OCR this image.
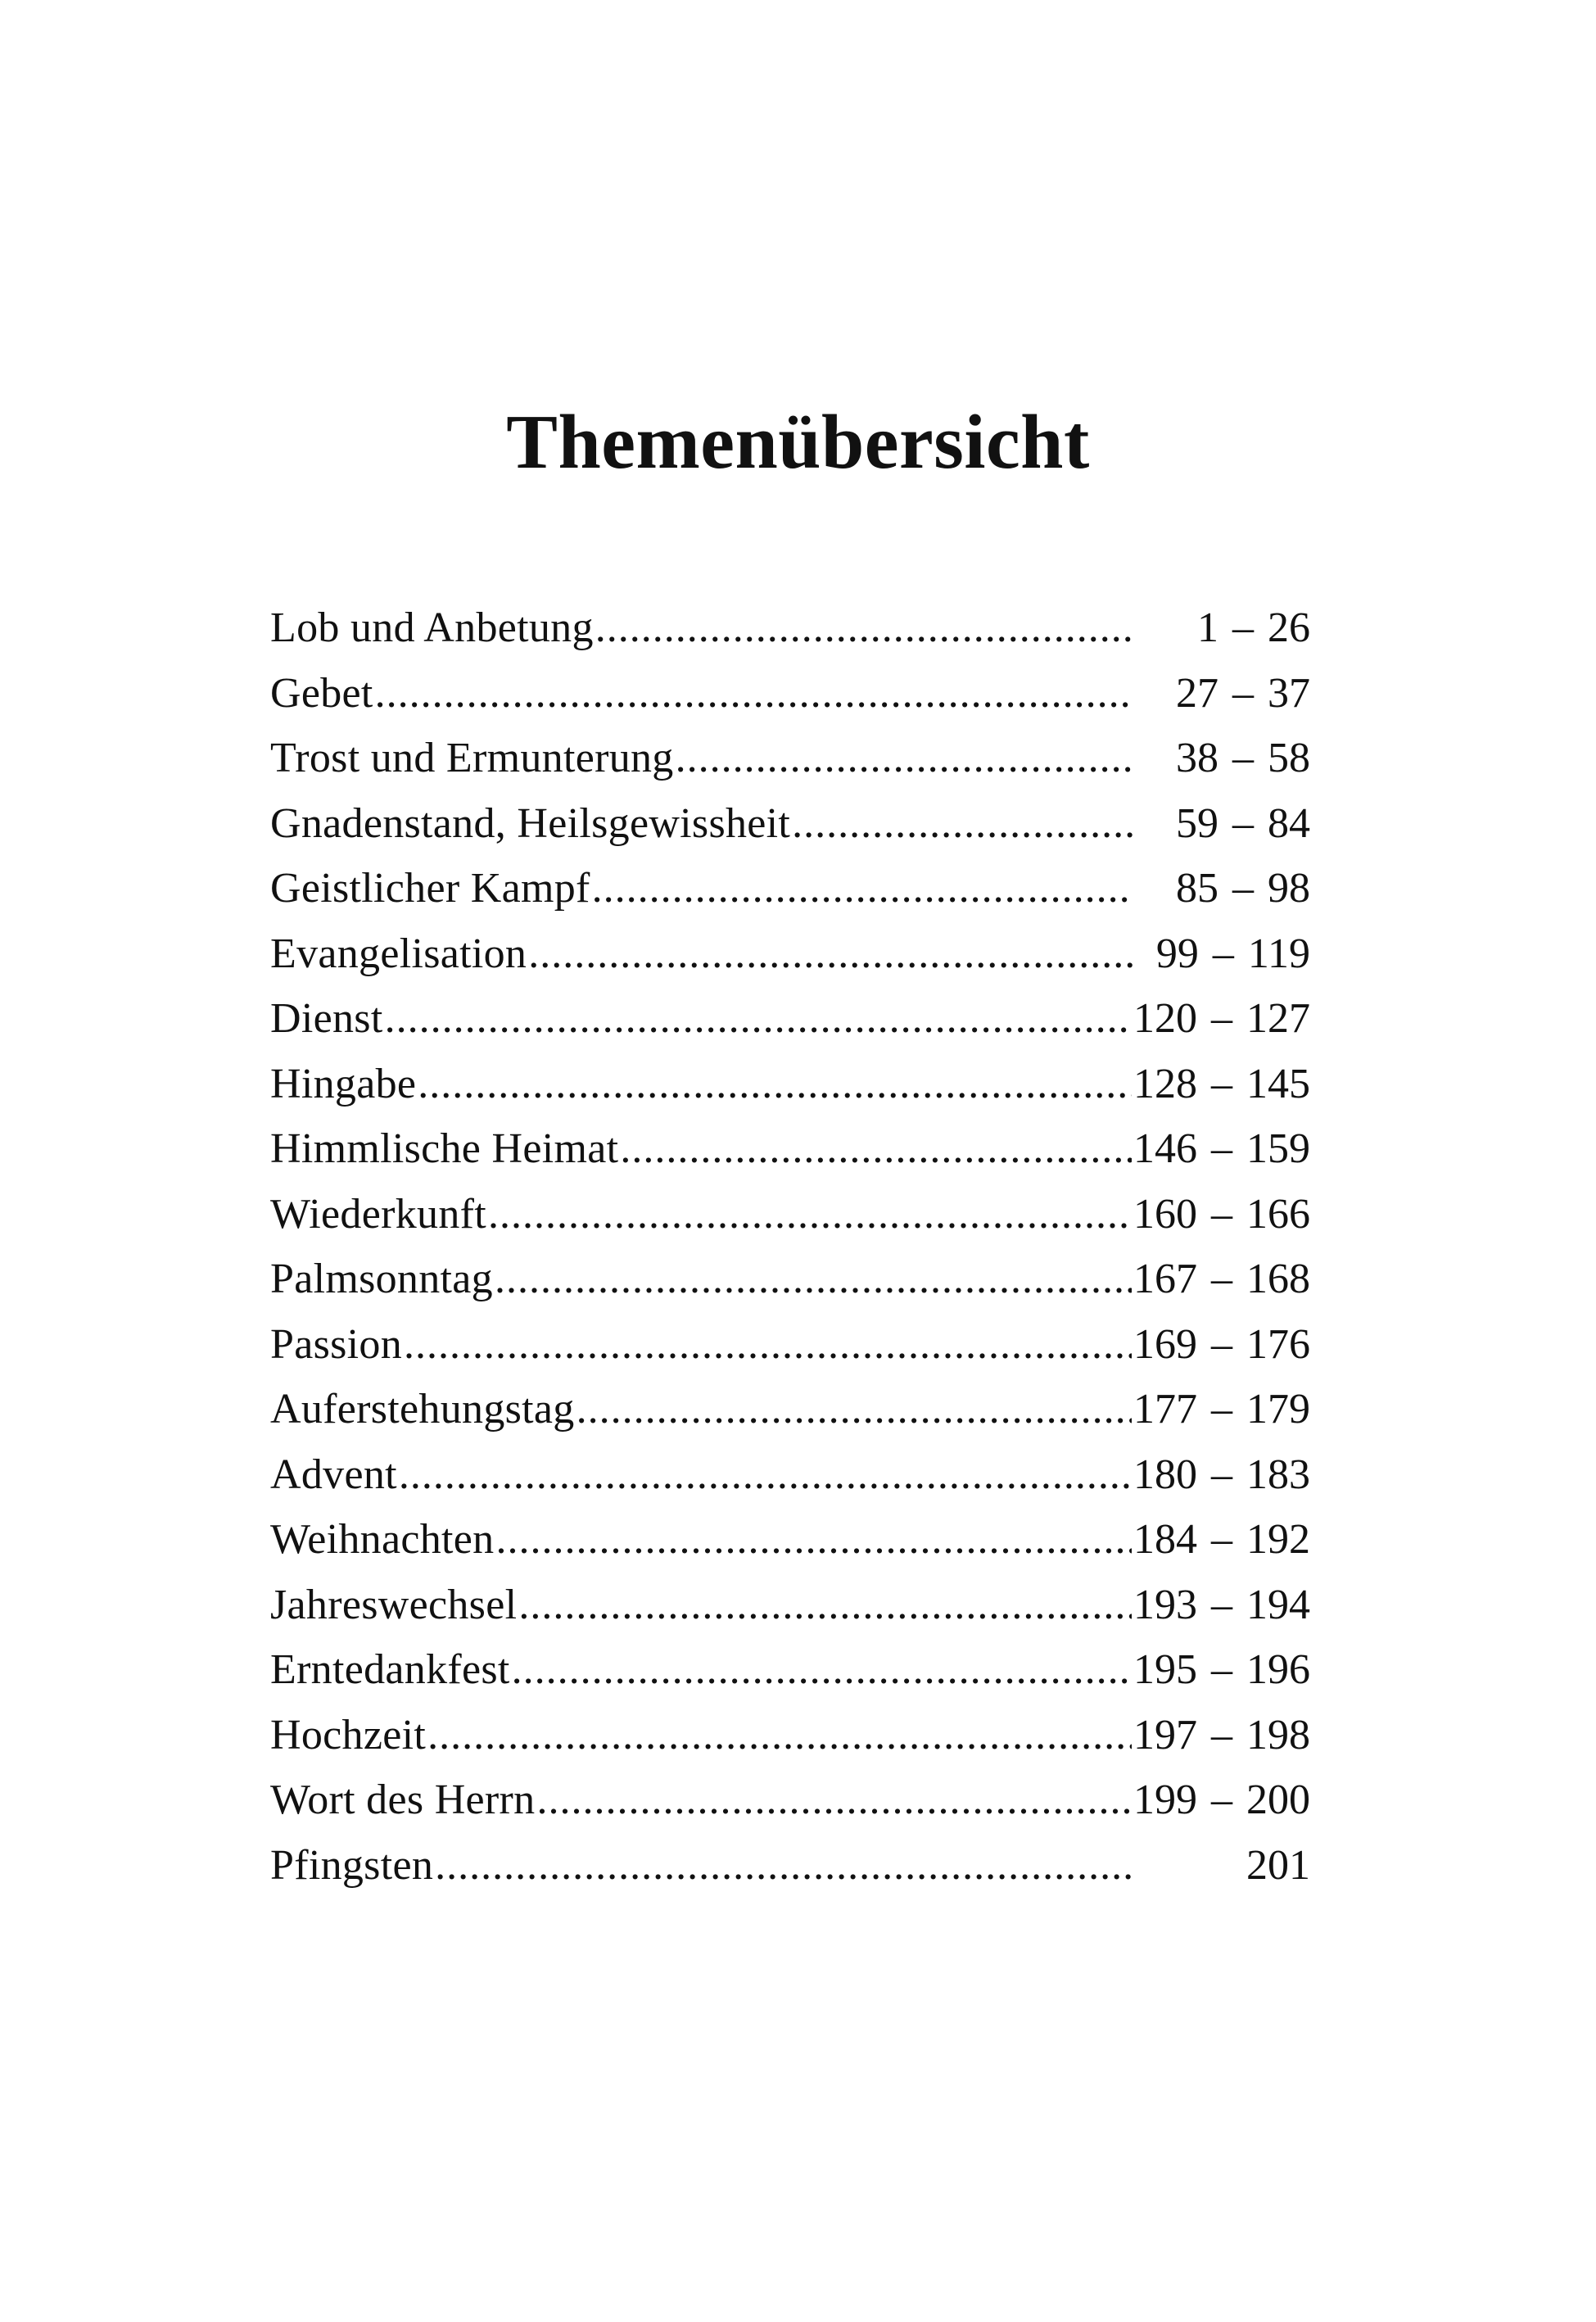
Themenübersicht
Lob und Anbetung .....	1 – 26
Gebet .....	27 – 37
Trost und Ermunterung .....	38 – 58
Gnadenstand, Heilsgewissheit .....	59 – 84
Geistlicher Kampf .....	85 – 98
Evangelisation .....	99 – 119
Dienst .....	120 – 127
Hingabe .....	128 – 145
Himmlische Heimat .....	146 – 159
Wiederkunft .....	160 – 166
Palmsonntag .....	167 – 168
Passion .....	169 – 176
Auferstehungstag .....	177 – 179
Advent .....	180 – 183
Weihnachten .....	184 – 192
Jahreswechsel .....	193 – 194
Erntedankfest .....	195 – 196
Hochzeit .....	197 – 198
Wort des Herrn .....	199 – 200
Pfingsten .....	201
